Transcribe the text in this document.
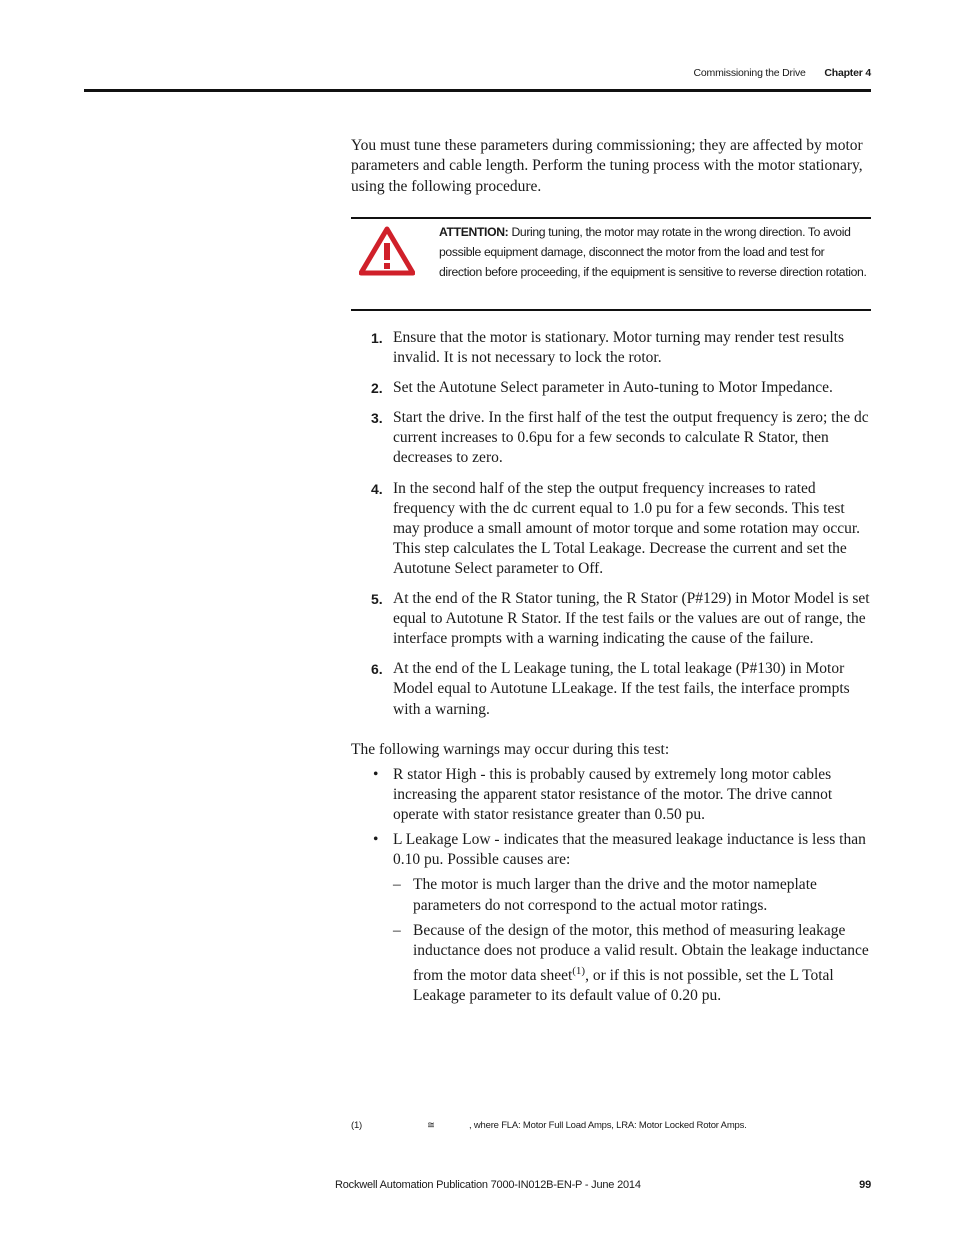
Commissioning the Drive Chapter 4

You must tune these parameters during commissioning; they are affected by motor parameters and cable length. Perform the tuning process with the motor stationary, using the following procedure.

ATTENTION: During tuning, the motor may rotate in the wrong direction. To avoid possible equipment damage, disconnect the motor from the load and test for direction before proceeding, if the equipment is sensitive to reverse direction rotation.
1. Ensure that the motor is stationary. Motor turning may render test results invalid. It is not necessary to lock the rotor.
2. Set the Autotune Select parameter in Auto-tuning to Motor Impedance.
3. Start the drive. In the first half of the test the output frequency is zero; the dc current increases to 0.6pu for a few seconds to calculate R Stator, then decreases to zero.
4. In the second half of the step the output frequency increases to rated frequency with the dc current equal to 1.0 pu for a few seconds. This test may produce a small amount of motor torque and some rotation may occur. This step calculates the L Total Leakage. Decrease the current and set the Autotune Select parameter to Off.
5. At the end of the R Stator tuning, the R Stator (P#129) in Motor Model is set equal to Autotune R Stator. If the test fails or the values are out of range, the interface prompts with a warning indicating the cause of the failure.
6. At the end of the L Leakage tuning, the L total leakage (P#130) in Motor Model equal to Autotune LLeakage. If the test fails, the interface prompts with a warning.

The following warnings may occur during this test:

• R stator High - this is probably caused by extremely long motor cables increasing the apparent stator resistance of the motor. The drive cannot operate with stator resistance greater than 0.50 pu.
• L Leakage Low - indicates that the measured leakage inductance is less than 0.10 pu. Possible causes are:
– The motor is much larger than the drive and the motor nameplate parameters do not correspond to the actual motor ratings.
– Because of the design of the motor, this method of measuring leakage inductance does not produce a valid result. Obtain the leakage inductance from the motor data sheet$^{(1)}$, or if this is not possible, set the L Total Leakage parameter to its default value of 0.20 pu.
(1)	≅	, where FLA: Motor Full Load Amps, LRA: Motor Locked Rotor Amps.
Rockwell Automation Publication 7000-IN012B-EN-P - June 2014	99
